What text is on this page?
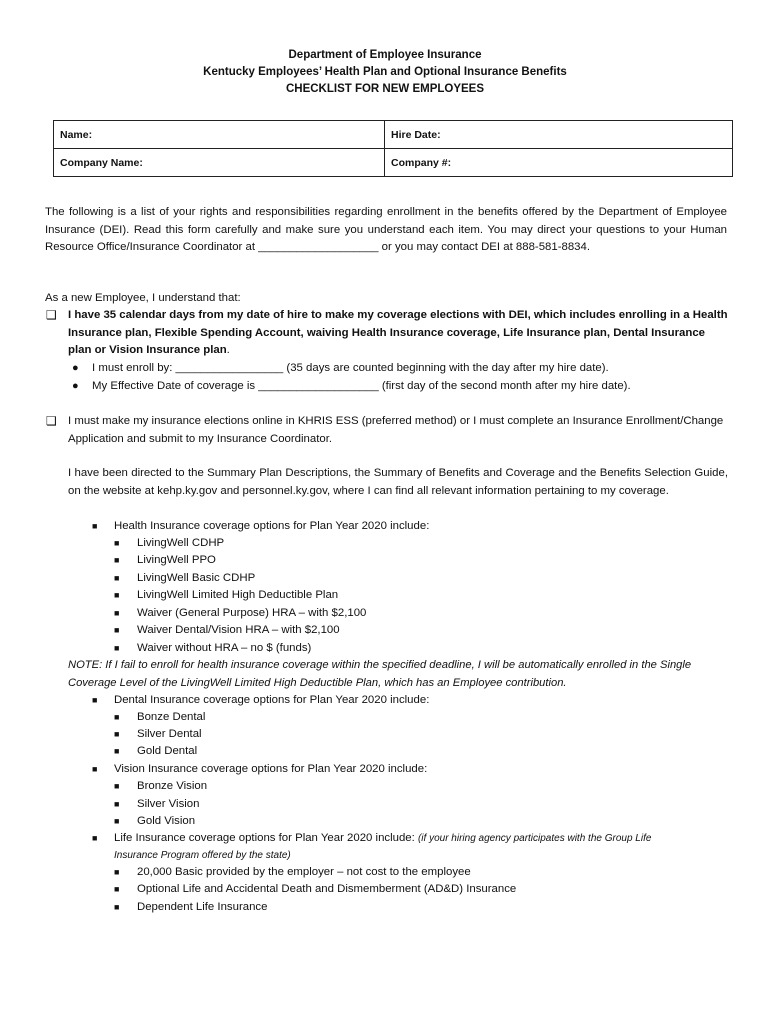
Department of Employee Insurance
Kentucky Employees’ Health Plan and Optional Insurance Benefits
CHECKLIST FOR NEW EMPLOYEES
Name:	Hire Date:
Company Name:	Company #:
The following is a list of your rights and responsibilities regarding enrollment in the benefits offered by the Department of Employee Insurance (DEI). Read this form carefully and make sure you understand each item. You may direct your questions to your Human Resource Office/Insurance Coordinator at ___________________ or you may contact DEI at 888-581-8834.
As a new Employee, I understand that:
❑ I have 35 calendar days from my date of hire to make my coverage elections with DEI, which includes enrolling in a Health Insurance plan, Flexible Spending Account, waiving Health Insurance coverage, Life Insurance plan, Dental Insurance plan or Vision Insurance plan.
● I must enroll by: _________________ (35 days are counted beginning with the day after my hire date).
● My Effective Date of coverage is ___________________ (first day of the second month after my hire date).
❑ I must make my insurance elections online in KHRIS ESS (preferred method) or I must complete an Insurance Enrollment/Change Application and submit to my Insurance Coordinator.
I have been directed to the Summary Plan Descriptions, the Summary of Benefits and Coverage and the Benefits Selection Guide, on the website at kehp.ky.gov and personnel.ky.gov, where I can find all relevant information pertaining to my coverage.
■ Health Insurance coverage options for Plan Year 2020 include:
■ LivingWell CDHP
■ LivingWell PPO
■ LivingWell Basic CDHP
■ LivingWell Limited High Deductible Plan
■ Waiver (General Purpose) HRA – with $2,100
■ Waiver Dental/Vision HRA – with $2,100
■ Waiver without HRA – no $ (funds)
NOTE: If I fail to enroll for health insurance coverage within the specified deadline, I will be automatically enrolled in the Single Coverage Level of the LivingWell Limited High Deductible Plan, which has an Employee contribution.
■ Dental Insurance coverage options for Plan Year 2020 include:
■ Bonze Dental
■ Silver Dental
■ Gold Dental
■ Vision Insurance coverage options for Plan Year 2020 include:
■ Bronze Vision
■ Silver Vision
■ Gold Vision
■ Life Insurance coverage options for Plan Year 2020 include: (if your hiring agency participates with the Group Life
Insurance Program offered by the state)
■ 20,000 Basic provided by the employer – not cost to the employee
■ Optional Life and Accidental Death and Dismemberment (AD&D) Insurance
■ Dependent Life Insurance
